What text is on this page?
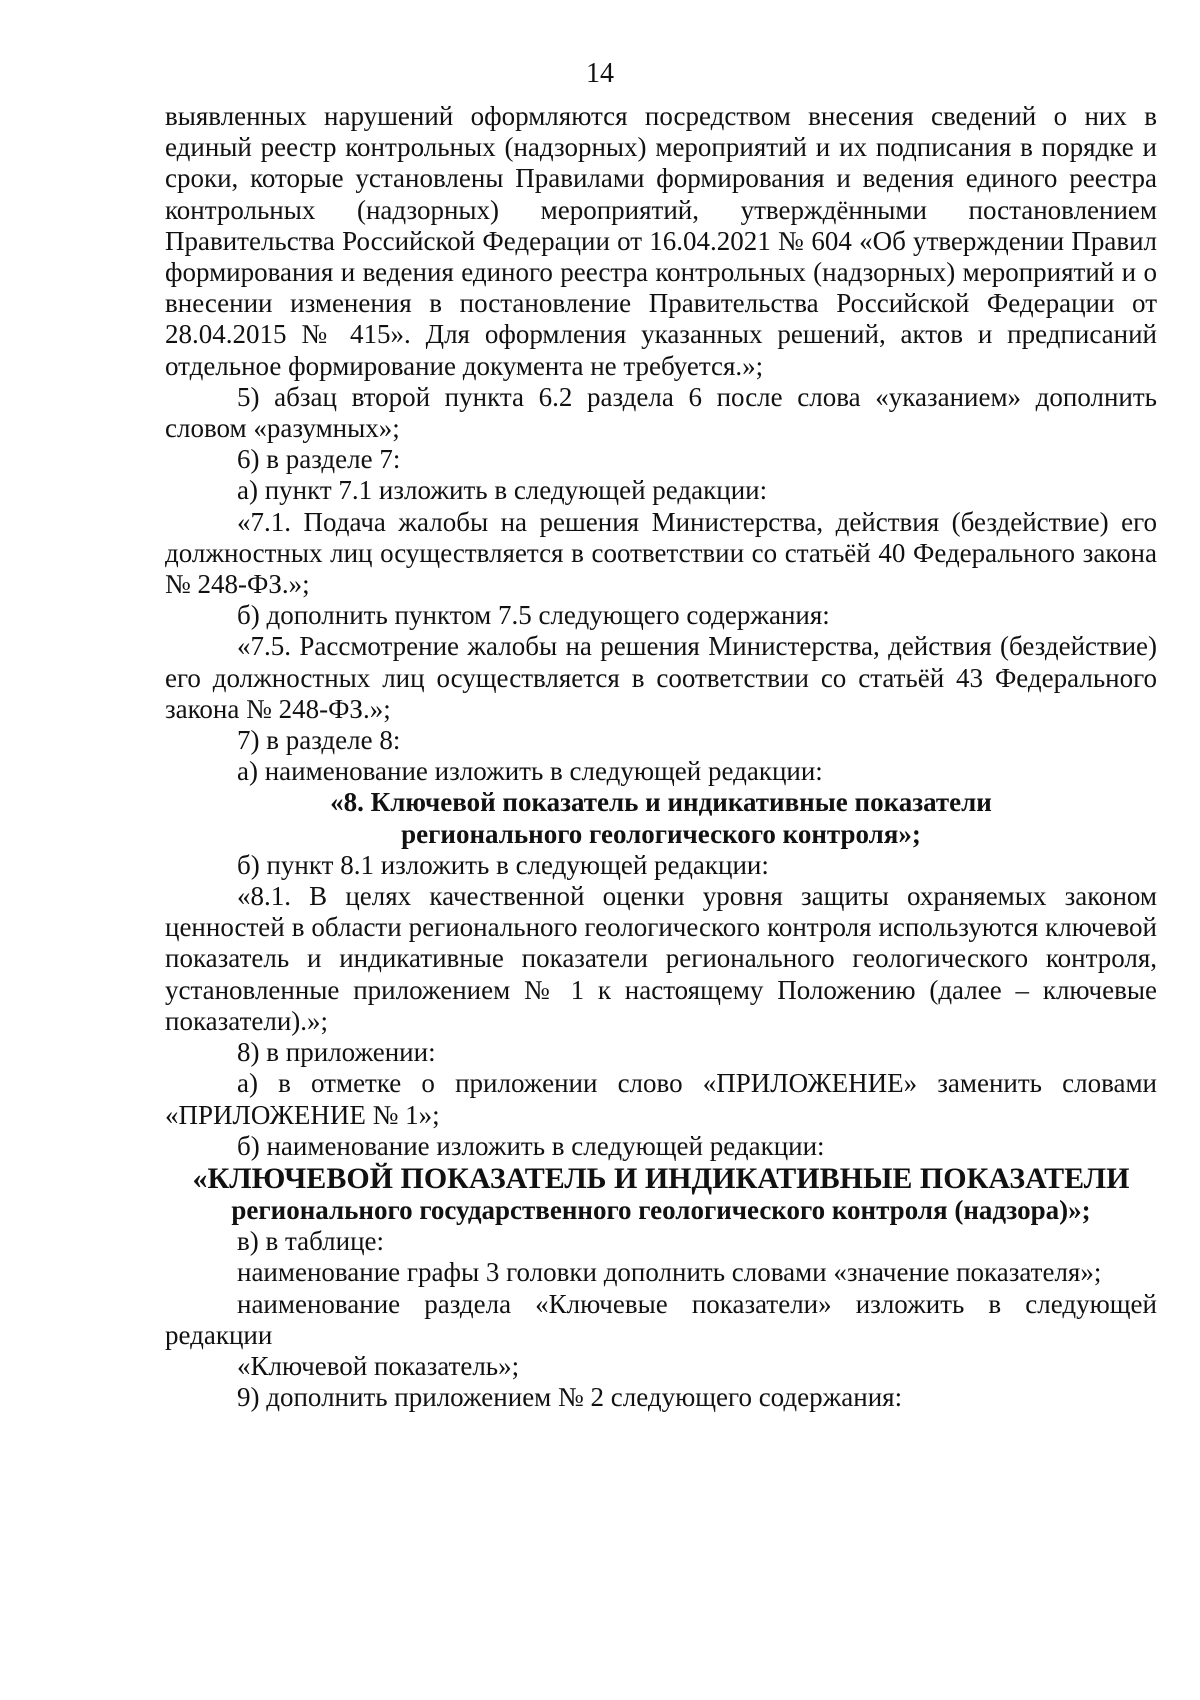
14

выявленных нарушений оформляются посредством внесения сведений о них в единый реестр контрольных (надзорных) мероприятий и их подписания в порядке и сроки, которые установлены Правилами формирования и ведения единого реестра контрольных (надзорных) мероприятий, утверждёнными постановлением Правительства Российской Федерации от 16.04.2021 № 604 «Об утверждении Правил формирования и ведения единого реестра контрольных (надзорных) мероприятий и о внесении изменения в постановление Правительства Российской Федерации от 28.04.2015 № 415». Для оформления указанных решений, актов и предписаний отдельное формирование документа не требуется.»;

5) абзац второй пункта 6.2 раздела 6 после слова «указанием» дополнить словом «разумных»;

6) в разделе 7:

а) пункт 7.1 изложить в следующей редакции:

«7.1. Подача жалобы на решения Министерства, действия (бездействие) его должностных лиц осуществляется в соответствии со статьёй 40 Федерального закона № 248-ФЗ.»;

б) дополнить пунктом 7.5 следующего содержания:

«7.5. Рассмотрение жалобы на решения Министерства, действия (бездействие) его должностных лиц осуществляется в соответствии со статьёй 43 Федерального закона № 248-ФЗ.»;

7) в разделе 8:

а) наименование изложить в следующей редакции:

«8. Ключевой показатель и индикативные показатели

регионального геологического контроля»;

б) пункт 8.1 изложить в следующей редакции:

«8.1. В целях качественной оценки уровня защиты охраняемых законом ценностей в области регионального геологического контроля используются ключевой показатель и индикативные показатели регионального геологического контроля, установленные приложением № 1 к настоящему Положению (далее – ключевые показатели).»;

8) в приложении:

а) в отметке о приложении слово «ПРИЛОЖЕНИЕ» заменить словами «ПРИЛОЖЕНИЕ № 1»;

б) наименование изложить в следующей редакции:

«КЛЮЧЕВОЙ ПОКАЗАТЕЛЬ И ИНДИКАТИВНЫЕ ПОКАЗАТЕЛИ

регионального государственного геологического контроля (надзора)»;

в) в таблице:

наименование графы 3 головки дополнить словами «значение показателя»;

наименование раздела «Ключевые показатели» изложить в следующей редакции

«Ключевой показатель»;

9) дополнить приложением № 2 следующего содержания:
